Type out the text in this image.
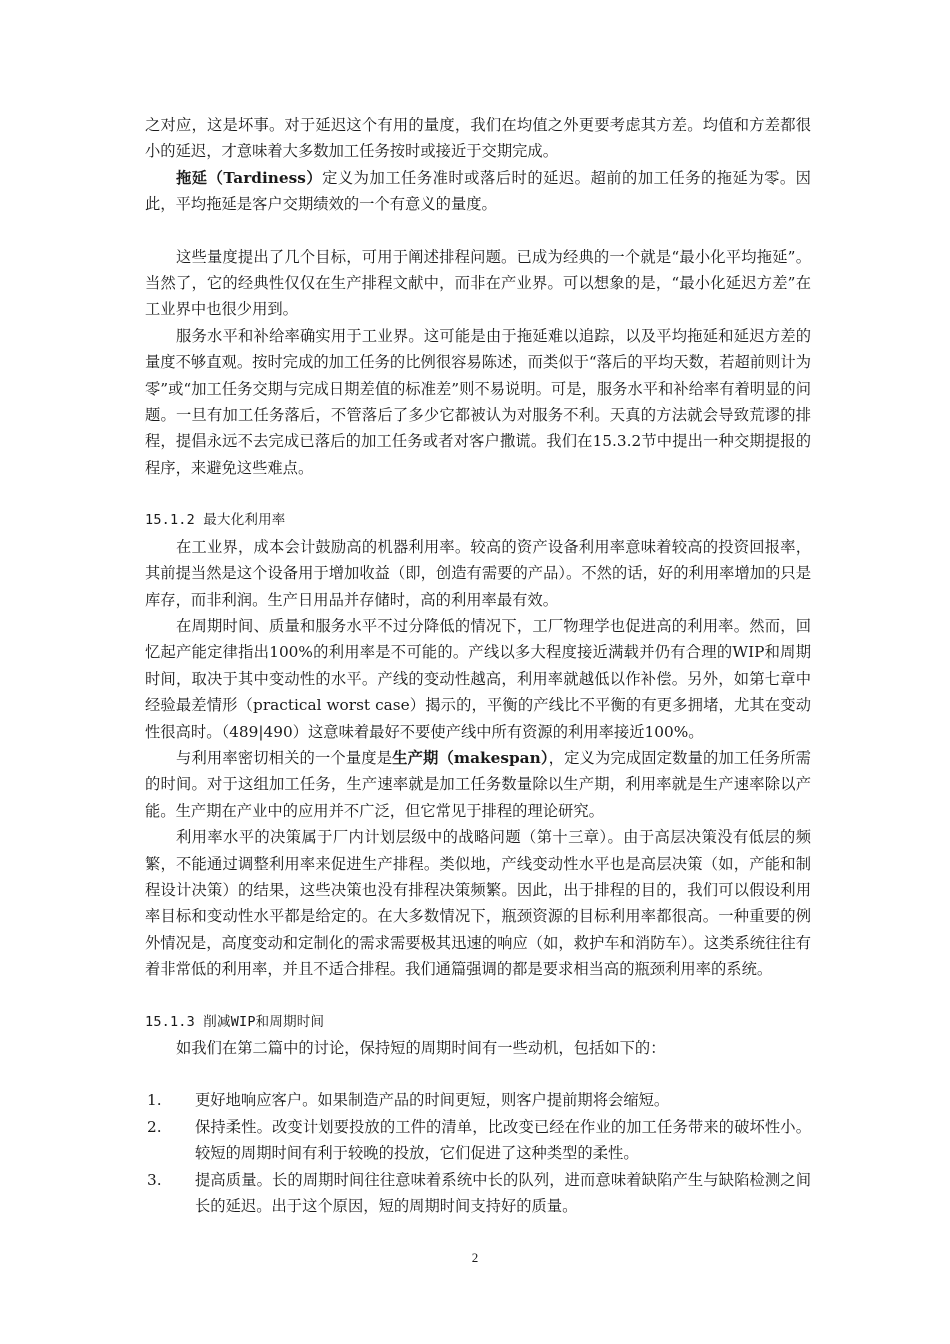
之对应，这是坏事。对于延迟这个有用的量度，我们在均值之外更要考虑其方差。均值和方差都很小的延迟，才意味着大多数加工任务按时或接近于交期完成。

拖延（Tardiness）定义为加工任务准时或落后时的延迟。超前的加工任务的拖延为零。因此，平均拖延是客户交期绩效的一个有意义的量度。

这些量度提出了几个目标，可用于阐述排程问题。已成为经典的一个就是“最小化平均拖延”。当然了，它的经典性仅仅在生产排程文献中，而非在产业界。可以想象的是，“最小化延迟方差”在工业界中也很少用到。

服务水平和补给率确实用于工业界。这可能是由于拖延难以追踪，以及平均拖延和延迟方差的量度不够直观。按时完成的加工任务的比例很容易陈述，而类似于“落后的平均天数，若超前则计为零”或“加工任务交期与完成日期差值的标准差”则不易说明。可是，服务水平和补给率有着明显的问题。一旦有加工任务落后，不管落后了多少它都被认为对服务不利。天真的方法就会导致荒谬的排程，提倡永远不去完成已落后的加工任务或者对客户撒谎。我们在15.3.2节中提出一种交期提报的程序，来避免这些难点。

15.1.2 最大化利用率

在工业界，成本会计鼓励高的机器利用率。较高的资产设备利用率意味着较高的投资回报率，其前提当然是这个设备用于增加收益（即，创造有需要的产品）。不然的话，好的利用率增加的只是库存，而非利润。生产日用品并存储时，高的利用率最有效。

在周期时间、质量和服务水平不过分降低的情况下，工厂物理学也促进高的利用率。然而，回忆起产能定律指出100%的利用率是不可能的。产线以多大程度接近满载并仍有合理的WIP和周期时间，取决于其中变动性的水平。产线的变动性越高，利用率就越低以作补偿。另外，如第七章中经验最差情形（practical worst case）揭示的，平衡的产线比不平衡的有更多拥堵，尤其在变动性很高时。（489|490）这意味着最好不要使产线中所有资源的利用率接近100%。

与利用率密切相关的一个量度是生产期（makespan），定义为完成固定数量的加工任务所需的时间。对于这组加工任务，生产速率就是加工任务数量除以生产期，利用率就是生产速率除以产能。生产期在产业中的应用并不广泛，但它常见于排程的理论研究。

利用率水平的决策属于厂内计划层级中的战略问题（第十三章）。由于高层决策没有低层的频繁，不能通过调整利用率来促进生产排程。类似地，产线变动性水平也是高层决策（如，产能和制程设计决策）的结果，这些决策也没有排程决策频繁。因此，出于排程的目的，我们可以假设利用率目标和变动性水平都是给定的。在大多数情况下，瓶颈资源的目标利用率都很高。一种重要的例外情况是，高度变动和定制化的需求需要极其迅速的响应（如，救护车和消防车）。这类系统往往有着非常低的利用率，并且不适合排程。我们通篇强调的都是要求相当高的瓶颈利用率的系统。

15.1.3 削减WIP和周期时间

如我们在第二篇中的讨论，保持短的周期时间有一些动机，包括如下的：

1.	更好地响应客户。如果制造产品的时间更短，则客户提前期将会缩短。
2.	保持柔性。改变计划要投放的工件的清单，比改变已经在作业的加工任务带来的破坏性小。较短的周期时间有利于较晚的投放，它们促进了这种类型的柔性。
3.	提高质量。长的周期时间往往意味着系统中长的队列，进而意味着缺陷产生与缺陷检测之间长的延迟。出于这个原因，短的周期时间支持好的质量。
2
